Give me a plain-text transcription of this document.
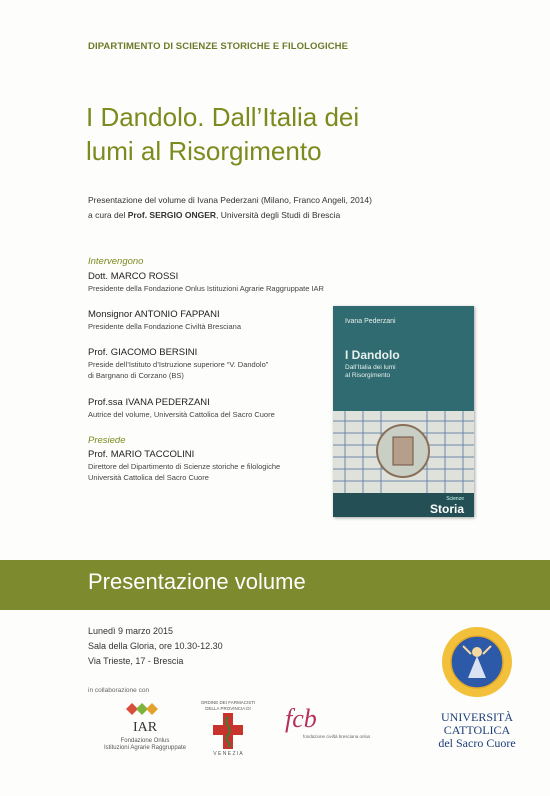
DIPARTIMENTO DI SCIENZE STORICHE E FILOLOGICHE
I Dandolo. Dall’Italia dei
lumi al Risorgimento
Presentazione del volume di Ivana Pederzani (Milano, Franco Angeli, 2014)
a cura del Prof. SERGIO ONGER, Università degli Studi di Brescia
Intervengono
Dott. MARCO ROSSI
Presidente della Fondazione Onlus Istituzioni Agrarie Raggruppate IAR
Monsignor ANTONIO FAPPANI
Presidente della Fondazione Civiltà Bresciana
Prof. GIACOMO BERSINI
Preside dell’Istituto d’Istruzione superiore “V. Dandolo”
di Bargnano di Corzano (BS)
Prof.ssa IVANA PEDERZANI
Autrice del volume, Università Cattolica del Sacro Cuore
Presiede
Prof. MARIO TACCOLINI
Direttore del Dipartimento di Scienze storiche e filologiche
Università Cattolica del Sacro Cuore
Ivana Pederzani
I Dandolo
Dall’Italia dei lumi
al Risorgimento
Scienze
Storia
Presentazione volume
Lunedì 9 marzo 2015
Sala della Gloria, ore 10.30-12.30
Via Trieste, 17 - Brescia
in collaborazione con
IAR
Fondazione Onlus
Istituzioni Agrarie Raggruppate
ORDINE DEI FARMACISTI
DELLA PROVINCIA DI
V E N E Z I A
fcb
fondazione civiltà bresciana onlus
UNIVERSITÀ
CATTOLICA
del Sacro Cuore
